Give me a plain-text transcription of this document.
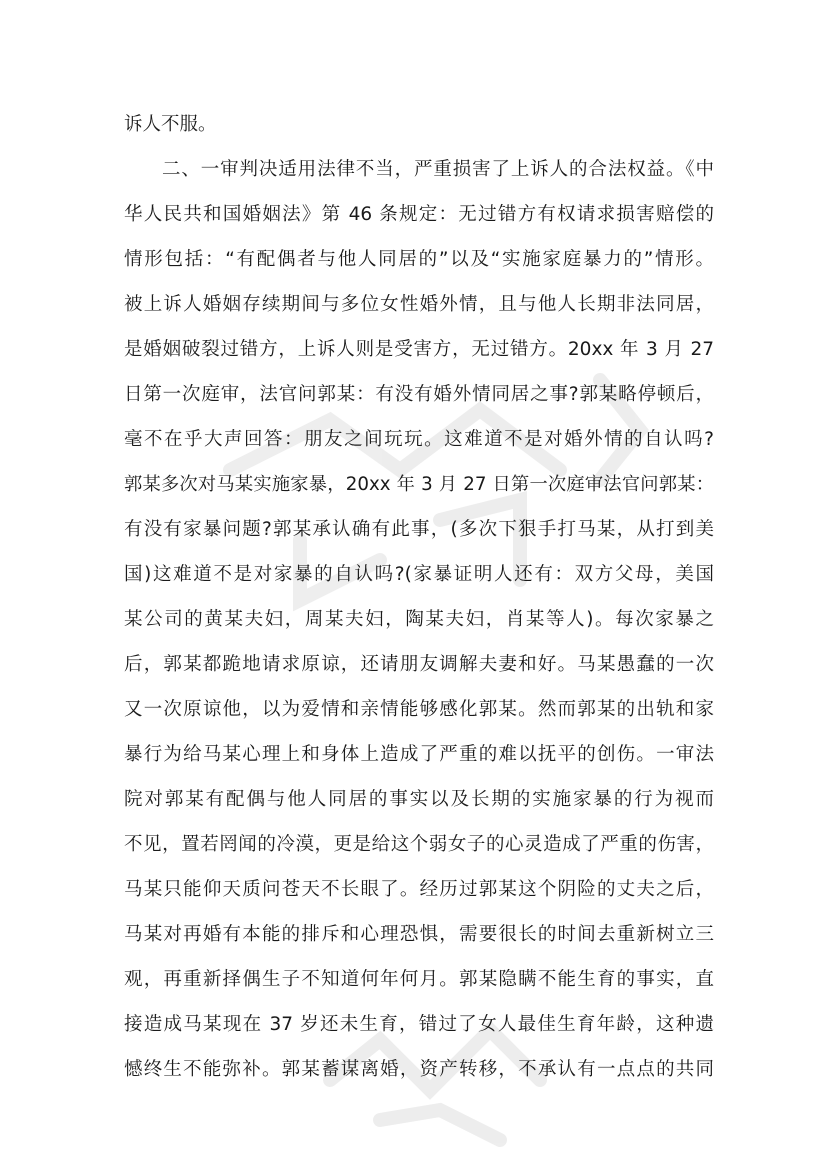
诉人不服。
二、一审判决适用法律不当，严重损害了上诉人的合法权益。《中
华人民共和国婚姻法》第 46 条规定：无过错方有权请求损害赔偿的
情形包括：“有配偶者与他人同居的”以及“实施家庭暴力的”情形。
被上诉人婚姻存续期间与多位女性婚外情，且与他人长期非法同居，
是婚姻破裂过错方，上诉人则是受害方，无过错方。20xx 年 3 月 27
日第一次庭审，法官问郭某：有没有婚外情同居之事?郭某略停顿后，
毫不在乎大声回答：朋友之间玩玩。这难道不是对婚外情的自认吗?
郭某多次对马某实施家暴，20xx 年 3 月 27 日第一次庭审法官问郭某：
有没有家暴问题?郭某承认确有此事，(多次下狠手打马某，从打到美
国)这难道不是对家暴的自认吗?(家暴证明人还有：双方父母，美国
某公司的黄某夫妇，周某夫妇，陶某夫妇，肖某等人)。每次家暴之
后，郭某都跪地请求原谅，还请朋友调解夫妻和好。马某愚蠢的一次
又一次原谅他，以为爱情和亲情能够感化郭某。然而郭某的出轨和家
暴行为给马某心理上和身体上造成了严重的难以抚平的创伤。一审法
院对郭某有配偶与他人同居的事实以及长期的实施家暴的行为视而
不见，置若罔闻的冷漠，更是给这个弱女子的心灵造成了严重的伤害，
马某只能仰天质问苍天不长眼了。经历过郭某这个阴险的丈夫之后，
马某对再婚有本能的排斥和心理恐惧，需要很长的时间去重新树立三
观，再重新择偶生子不知道何年何月。郭某隐瞒不能生育的事实，直
接造成马某现在 37 岁还未生育，错过了女人最佳生育年龄，这种遗
憾终生不能弥补。郭某蓄谋离婚，资产转移，不承认有一点点的共同
